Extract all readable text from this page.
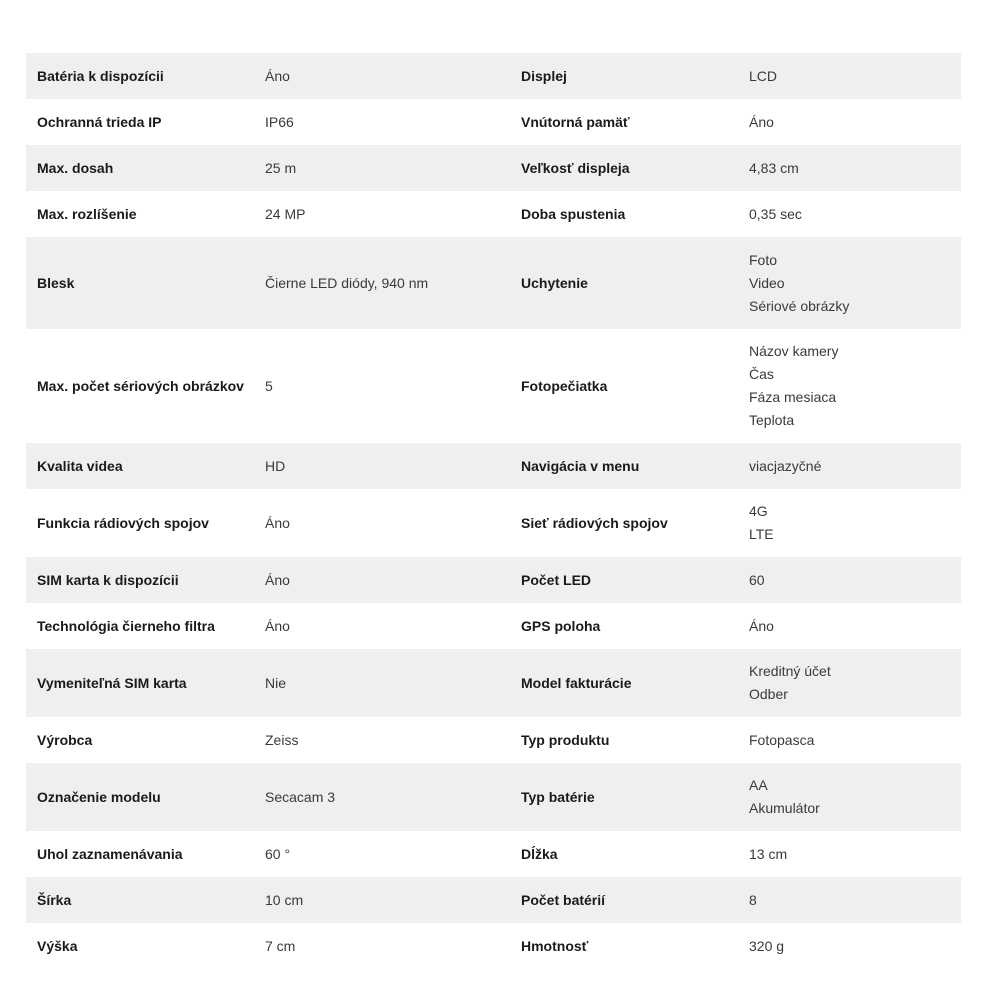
Batéria k dispozícii	Áno	Displej	LCD

Ochranná trieda IP	IP66	Vnútorná pamäť	Áno

Max. dosah	25 m	Veľkosť displeja	4,83 cm

Max. rozlíšenie	24 MP	Doba spustenia	0,35 sec

Blesk	Čierne LED diódy, 940 nm	Uchytenie	Foto
Video
Sériové obrázky

Max. počet sériových obrázkov	5	Fotopečiatka	Názov kamery
Čas
Fáza mesiaca
Teplota

Kvalita videa	HD	Navigácia v menu	viacjazyčné

Funkcia rádiových spojov	Áno	Sieť rádiových spojov	4G
LTE

SIM karta k dispozícii	Áno	Počet LED	60

Technológia čierneho filtra	Áno	GPS poloha	Áno

Vymeniteľná SIM karta	Nie	Model fakturácie	Kreditný účet
Odber

Výrobca	Zeiss	Typ produktu	Fotopasca

Označenie modelu	Secacam 3	Typ batérie	AA
Akumulátor

Uhol zaznamenávania	60 °	Dĺžka	13 cm

Šírka	10 cm	Počet batérií	8

Výška	7 cm	Hmotnosť	320 g
